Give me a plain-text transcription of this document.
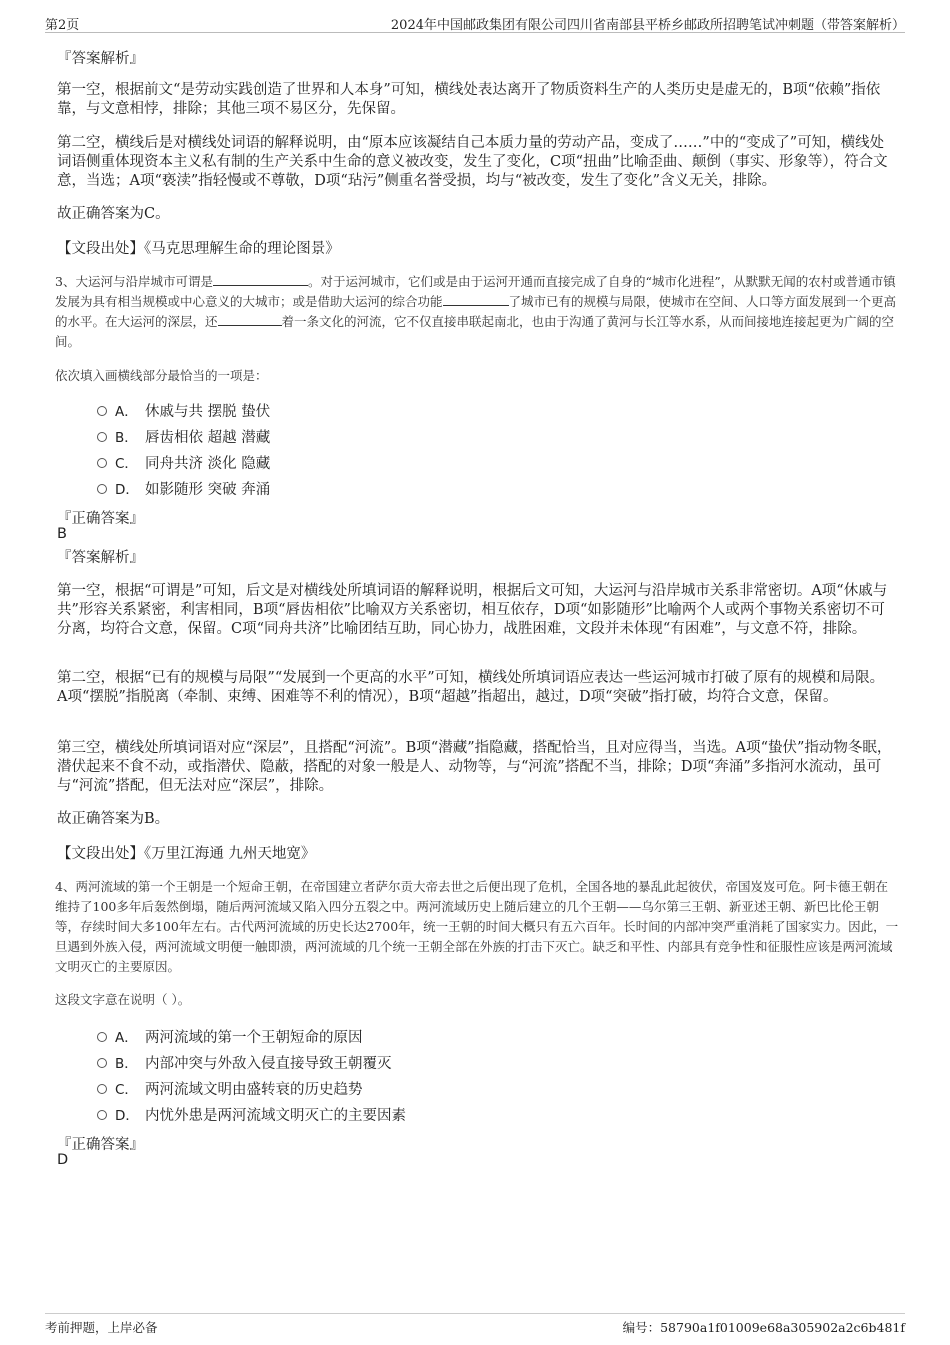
第2页	2024年中国邮政集团有限公司四川省南部县平桥乡邮政所招聘笔试冲刺题（带答案解析）
『答案解析』

第一空，根据前文“是劳动实践创造了世界和人本身”可知，横线处表达离开了物质资料生产的人类历史是虚无的，B项“依赖”指依靠，与文意相悖，排除；其他三项不易区分，先保留。

第二空，横线后是对横线处词语的解释说明，由“原本应该凝结自己本质力量的劳动产品，变成了……”中的“变成了”可知，横线处词语侧重体现资本主义私有制的生产关系中生命的意义被改变，发生了变化，C项“扭曲”比喻歪曲、颠倒（事实、形象等），符合文意，当选；A项“亵渎”指轻慢或不尊敬，D项“玷污”侧重名誉受损，均与“被改变，发生了变化”含义无关，排除。

故正确答案为C。
【文段出处】《马克思理解生命的理论图景》

3、大运河与沿岸城市可谓是	。对于运河城市，它们或是由于运河开通而直接完成了自身的“城市化进程”，从默默无闻的农村或普通市镇发展为具有相当规模或中心意义的大城市；或是借助大运河的综合功能	了城市已有的规模与局限，使城市在空间、人口等方面发展到一个更高的水平。在大运河的深层，还	着一条文化的河流，它不仅直接串联起南北，也由于沟通了黄河与长江等水系，从而间接地连接起更为广阔的空间。

依次填入画横线部分最恰当的一项是：
A． 休戚与共 摆脱 蛰伏
B． 唇齿相依 超越 潜藏
C． 同舟共济 淡化 隐藏
D． 如影随形 突破 奔涌
『正确答案』
B
『答案解析』

第一空，根据“可谓是”可知，后文是对横线处所填词语的解释说明，根据后文可知，大运河与沿岸城市关系非常密切。A项“休戚与共”形容关系紧密，利害相同，B项“唇齿相依”比喻双方关系密切，相互依存，D项“如影随形”比喻两个人或两个事物关系密切不可分离，均符合文意，保留。C项“同舟共济”比喻团结互助，同心协力，战胜困难，文段并未体现“有困难”，与文意不符，排除。

第二空，根据“已有的规模与局限”“发展到一个更高的水平”可知，横线处所填词语应表达一些运河城市打破了原有的规模和局限。A项“摆脱”指脱离（牵制、束缚、困难等不利的情况），B项“超越”指超出，越过，D项“突破”指打破，均符合文意，保留。

第三空，横线处所填词语对应“深层”，且搭配“河流”。B项“潜藏”指隐藏，搭配恰当，且对应得当，当选。A项“蛰伏”指动物冬眠，潜伏起来不食不动，或指潜伏、隐蔽，搭配的对象一般是人、动物等，与“河流”搭配不当，排除；D项“奔涌”多指河水流动，虽可与“河流”搭配，但无法对应“深层”，排除。

故正确答案为B。
【文段出处】《万里江海通 九州天地宽》

4、两河流域的第一个王朝是一个短命王朝，在帝国建立者萨尔贡大帝去世之后便出现了危机，全国各地的暴乱此起彼伏，帝国岌岌可危。阿卡德王朝在维持了100多年后轰然倒塌，随后两河流域又陷入四分五裂之中。两河流域历史上随后建立的几个王朝——乌尔第三王朝、新亚述王朝、新巴比伦王朝等，存续时间大多100年左右。古代两河流域的历史长达2700年，统一王朝的时间大概只有五六百年。长时间的内部冲突严重消耗了国家实力。因此，一旦遇到外族入侵，两河流域文明便一触即溃，两河流域的几个统一王朝全部在外族的打击下灭亡。缺乏和平性、内部具有竞争性和征服性应该是两河流域文明灭亡的主要原因。

这段文字意在说明（ ）。
A． 两河流域的第一个王朝短命的原因
B． 内部冲突与外敌入侵直接导致王朝覆灭
C． 两河流域文明由盛转衰的历史趋势
D． 内忧外患是两河流域文明灭亡的主要因素
『正确答案』
D
考前押题，上岸必备	编号：58790a1f01009e68a305902a2c6b481f
